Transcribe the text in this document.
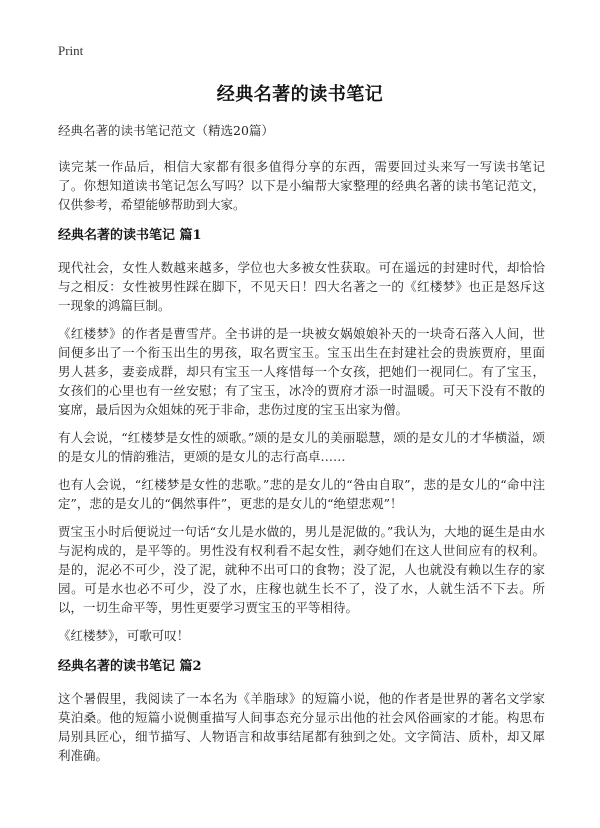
Print
经典名著的读书笔记
经典名著的读书笔记范文（精选20篇）

读完某一作品后，相信大家都有很多值得分享的东西，需要回过头来写一写读书笔记了。你想知道读书笔记怎么写吗？以下是小编帮大家整理的经典名著的读书笔记范文，仅供参考，希望能够帮助到大家。

经典名著的读书笔记 篇1

现代社会，女性人数越来越多，学位也大多被女性获取。可在遥远的封建时代，却恰恰与之相反：女性被男性踩在脚下，不见天日！四大名著之一的《红楼梦》也正是怒斥这一现象的鸿篇巨制。

《红楼梦》的作者是曹雪芹。全书讲的是一块被女娲娘娘补天的一块奇石落入人间，世间便多出了一个衔玉出生的男孩，取名贾宝玉。宝玉出生在封建社会的贵族贾府，里面男人甚多，妻妾成群，却只有宝玉一人疼惜每一个女孩，把她们一视同仁。有了宝玉，女孩们的心里也有一丝安慰；有了宝玉，冰冷的贾府才添一时温暖。可天下没有不散的宴席，最后因为众姐妹的死于非命，悲伤过度的宝玉出家为僧。

有人会说，“红楼梦是女性的颂歌。”颂的是女儿的美丽聪慧，颂的是女儿的才华横溢，颂的是女儿的情韵雅洁，更颂的是女儿的志行高卓……

也有人会说，“红楼梦是女性的悲歌。”悲的是女儿的“咎由自取”，悲的是女儿的“命中注定”，悲的是女儿的“偶然事件”，更悲的是女儿的“绝望悲观”！

贾宝玉小时后便说过一句话“女儿是水做的，男儿是泥做的。”我认为，大地的诞生是由水与泥构成的，是平等的。男性没有权利看不起女性，剥夺她们在这人世间应有的权利。是的，泥必不可少，没了泥，就种不出可口的食物；没了泥，人也就没有赖以生存的家园。可是水也必不可少，没了水，庄稼也就生长不了，没了水，人就生活不下去。所以，一切生命平等，男性更要学习贾宝玉的平等相待。

《红楼梦》，可歌可叹！

经典名著的读书笔记 篇2

这个暑假里，我阅读了一本名为《羊脂球》的短篇小说，他的作者是世界的著名文学家莫泊桑。他的短篇小说侧重描写人间事态充分显示出他的社会风俗画家的才能。构思布局别具匠心，细节描写、人物语言和故事结尾都有独到之处。文字简洁、质朴，却又犀利准确。
